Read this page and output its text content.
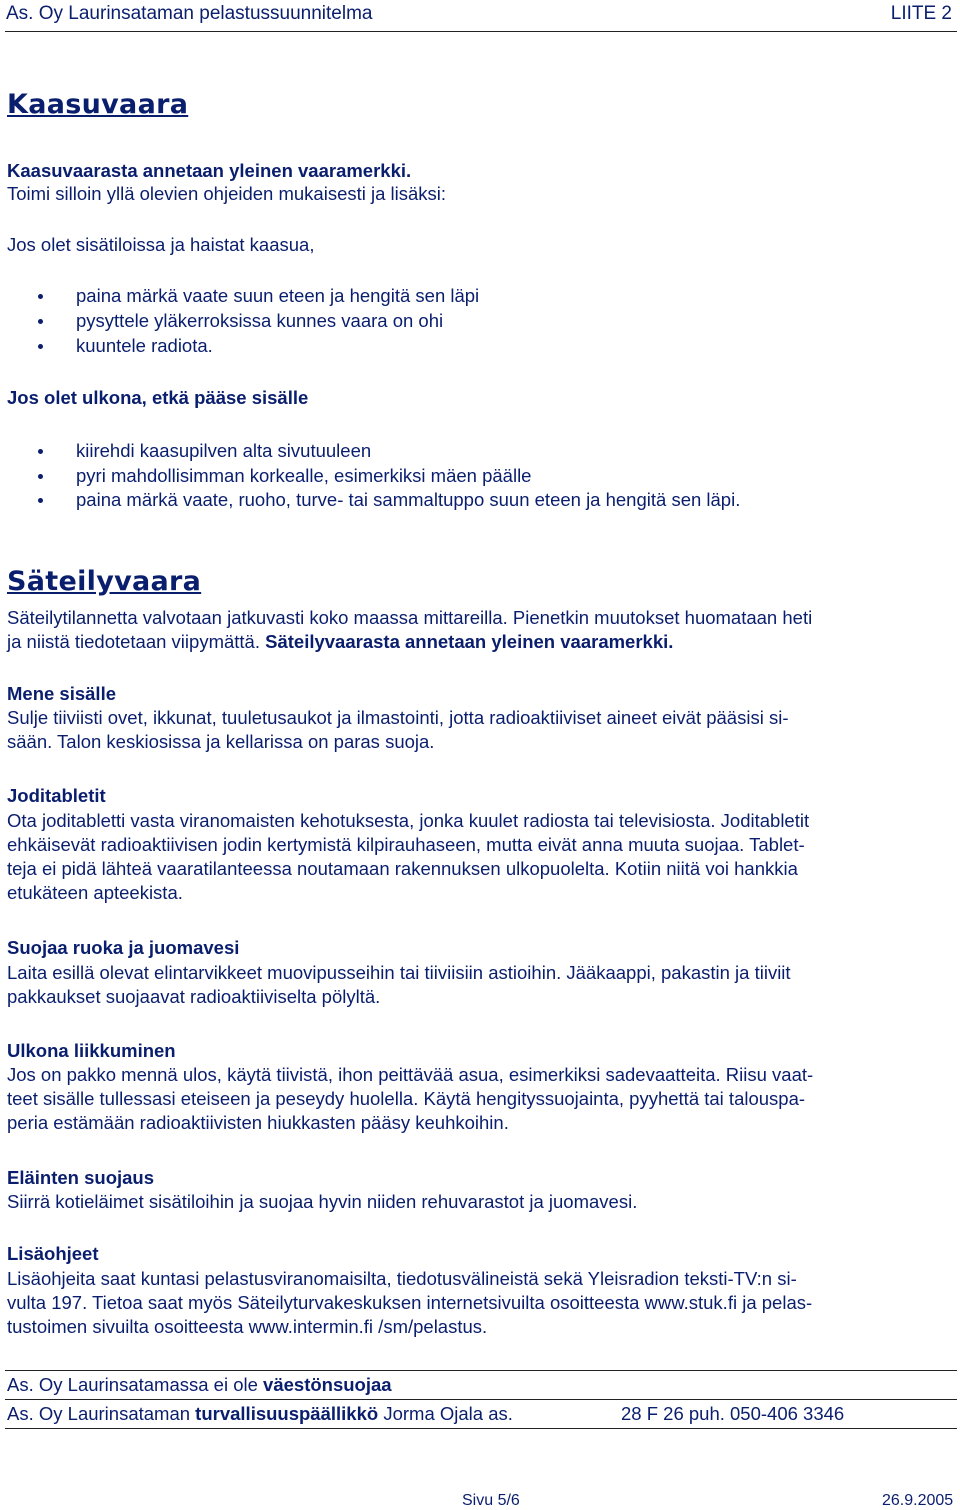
As. Oy Laurinsataman pelastussuunnitelma	LIITE 2
Kaasuvaara
Kaasuvaarasta annetaan yleinen vaaramerkki.
Toimi silloin yllä olevien ohjeiden mukaisesti ja lisäksi:
Jos olet sisätiloissa ja haistat kaasua,
paina märkä vaate suun eteen ja hengitä sen läpi
pysyttele yläkerroksissa kunnes vaara on ohi
kuuntele radiota.
Jos olet ulkona, etkä pääse sisälle
kiirehdi kaasupilven alta sivutuuleen
pyri mahdollisimman korkealle, esimerkiksi mäen päälle
paina märkä vaate, ruoho, turve- tai sammaltuppo suun eteen ja hengitä sen läpi.
Säteilyvaara
Säteilytilannetta valvotaan jatkuvasti koko maassa mittareilla. Pienetkin muutokset huomataan heti
ja niistä tiedotetaan viipymättä. Säteilyvaarasta annetaan yleinen vaaramerkki.
Mene sisälle
Sulje tiiviisti ovet, ikkunat, tuuletusaukot ja ilmastointi, jotta radioaktiiviset aineet eivät pääsisi si-
sään. Talon keskiosissa ja kellarissa on paras suoja.
Joditabletit
Ota joditabletti vasta viranomaisten kehotuksesta, jonka kuulet radiosta tai televisiosta. Joditabletit
ehkäisevät radioaktiivisen jodin kertymistä kilpirauhaseen, mutta eivät anna muuta suojaa. Tablet-
teja ei pidä lähteä vaaratilanteessa noutamaan rakennuksen ulkopuolelta. Kotiin niitä voi hankkia
etukäteen apteekista.
Suojaa ruoka ja juomavesi
Laita esillä olevat elintarvikkeet muovipusseihin tai tiiviisiin astioihin. Jääkaappi, pakastin ja tiiviit
pakkaukset suojaavat radioaktiiviselta pölyltä.
Ulkona liikkuminen
Jos on pakko mennä ulos, käytä tiivistä, ihon peittävää asua, esimerkiksi sadevaatteita. Riisu vaat-
teet sisälle tullessasi eteiseen ja peseydy huolella. Käytä hengityssuojainta, pyyhettä tai talouspa-
peria estämään radioaktiivisten hiukkasten pääsy keuhkoihin.
Eläinten suojaus
Siirrä kotieläimet sisätiloihin ja suojaa hyvin niiden rehuvarastot ja juomavesi.
Lisäohjeet
Lisäohjeita saat kuntasi pelastusviranomaisilta, tiedotusvälineistä sekä Yleisradion teksti-TV:n si-
vulta 197. Tietoa saat myös Säteilyturvakeskuksen internetsivuilta osoitteesta www.stuk.fi ja pelas-
tustoimen sivuilta osoitteesta www.intermin.fi /sm/pelastus.
As. Oy Laurinsatamassa ei ole väestönsuojaa
As. Oy Laurinsataman turvallisuuspäällikkö Jorma Ojala as.	28 F 26 puh. 050-406 3346
Sivu 5/6	26.9.2005
